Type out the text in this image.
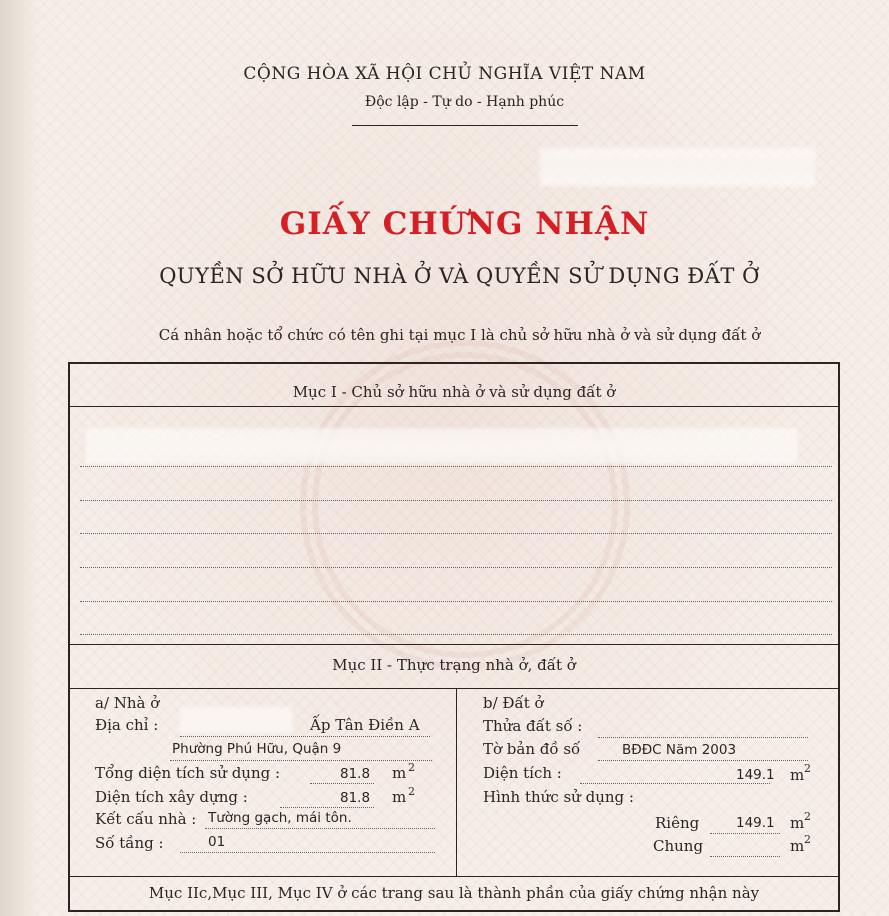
CỘNG HÒA XÃ HỘI CHỦ NGHĨA VIỆT NAM
Độc lập - Tự do - Hạnh phúc
GIẤY CHỨNG NHẬN
QUYỀN SỞ HỮU NHÀ Ở VÀ QUYỀN SỬ DỤNG ĐẤT Ở
Cá nhân hoặc tổ chức có tên ghi tại mục I là chủ sở hữu nhà ở và sử dụng đất ở
Mục I - Chủ sở hữu nhà ở và sử dụng đất ở
Mục II - Thực trạng nhà ở, đất ở
a/ Nhà ở
Địa chỉ :	Ấp Tân Điền A
Phường Phú Hữu, Quận 9
Tổng diện tích sử dụng :	81.8 m 2
Diện tích xây dựng :	81.8 m 2
Kết cấu nhà : Tường gạch, mái tôn.
Số tầng :	01
b/ Đất ở
Thửa đất số :
Tờ bản đồ số	BĐĐC Năm 2003
Diện tích :	149.1 m 2
Hình thức sử dụng :
Riêng	149.1 m 2
Chung	m 2
Mục IIc,Mục III, Mục IV ở các trang sau là thành phần của giấy chứng nhận này
